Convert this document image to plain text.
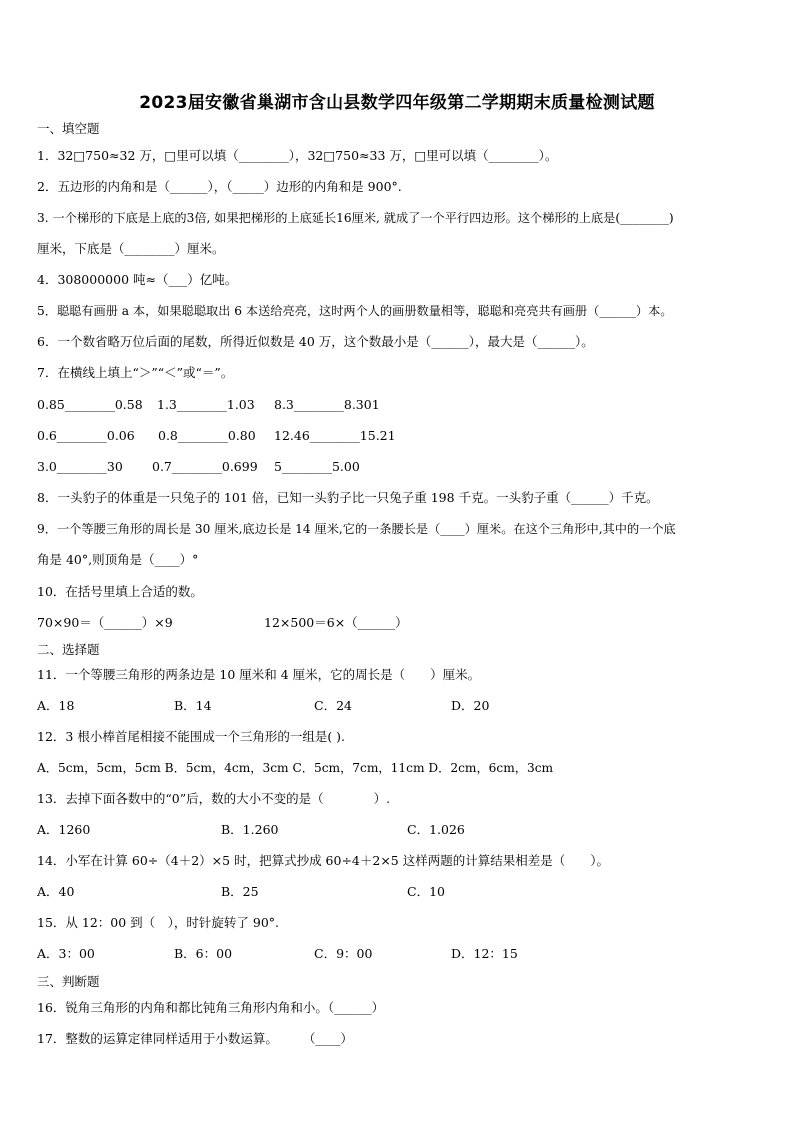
2023届安徽省巢湖市含山县数学四年级第二学期期末质量检测试题
一、填空题
1．32□750≈32 万，□里可以填（________），32□750≈33 万，□里可以填（________）。
2．五边形的内角和是（______），（_____）边形的内角和是 900°.
3. 一个梯形的下底是上底的3倍, 如果把梯形的上底延长16厘米, 就成了一个平行四边形。这个梯形的上底是(________)
厘米，下底是（________）厘米。
4．308000000 吨≈（___）亿吨。
5．聪聪有画册 a 本，如果聪聪取出 6 本送给亮亮，这时两个人的画册数量相等，聪聪和亮亮共有画册（______）本。
6．一个数省略万位后面的尾数，所得近似数是 40 万，这个数最小是（______），最大是（______）。
7．在横线上填上“＞”“＜”或“＝”。
0.85________0.58 1.3________1.03 8.3________8.301
0.6________0.06 0.8________0.80 12.46________15.21
3.0________30 0.7________0.699 5________5.00
8．一头豹子的体重是一只兔子的 101 倍，已知一头豹子比一只兔子重 198 千克。一头豹子重（______）千克。
9．一个等腰三角形的周长是 30 厘米,底边长是 14 厘米,它的一条腰长是（____）厘米。在这个三角形中,其中的一个底
角是 40°,则顶角是（____）°
10．在括号里填上合适的数。
70×90＝（______）×9	12×500＝6×（______）
二、选择题
11．一个等腰三角形的两条边是 10 厘米和 4 厘米，它的周长是（　　）厘米。
A．18	B．14	C．24	D．20
12．3 根小棒首尾相接不能围成一个三角形的一组是( ).
A．5cm，5cm，5cm B．5cm，4cm，3cm C．5cm，7cm，11cm D．2cm，6cm，3cm
13．去掉下面各数中的“0”后，数的大小不变的是（　　　　）.
A．1260	B．1.260	C．1.026
14．小军在计算 60÷（4＋2）×5 时，把算式抄成 60÷4＋2×5 这样两题的计算结果相差是（　　）。
A．40	B．25	C．10
15．从 12：00 到（　），时针旋转了 90°.
A．3：00	B．6：00	C．9：00	D．12：15
三、判断题
16．锐角三角形的内角和都比钝角三角形内角和小。（______）
17．整数的运算定律同样适用于小数运算。　　　（____）
